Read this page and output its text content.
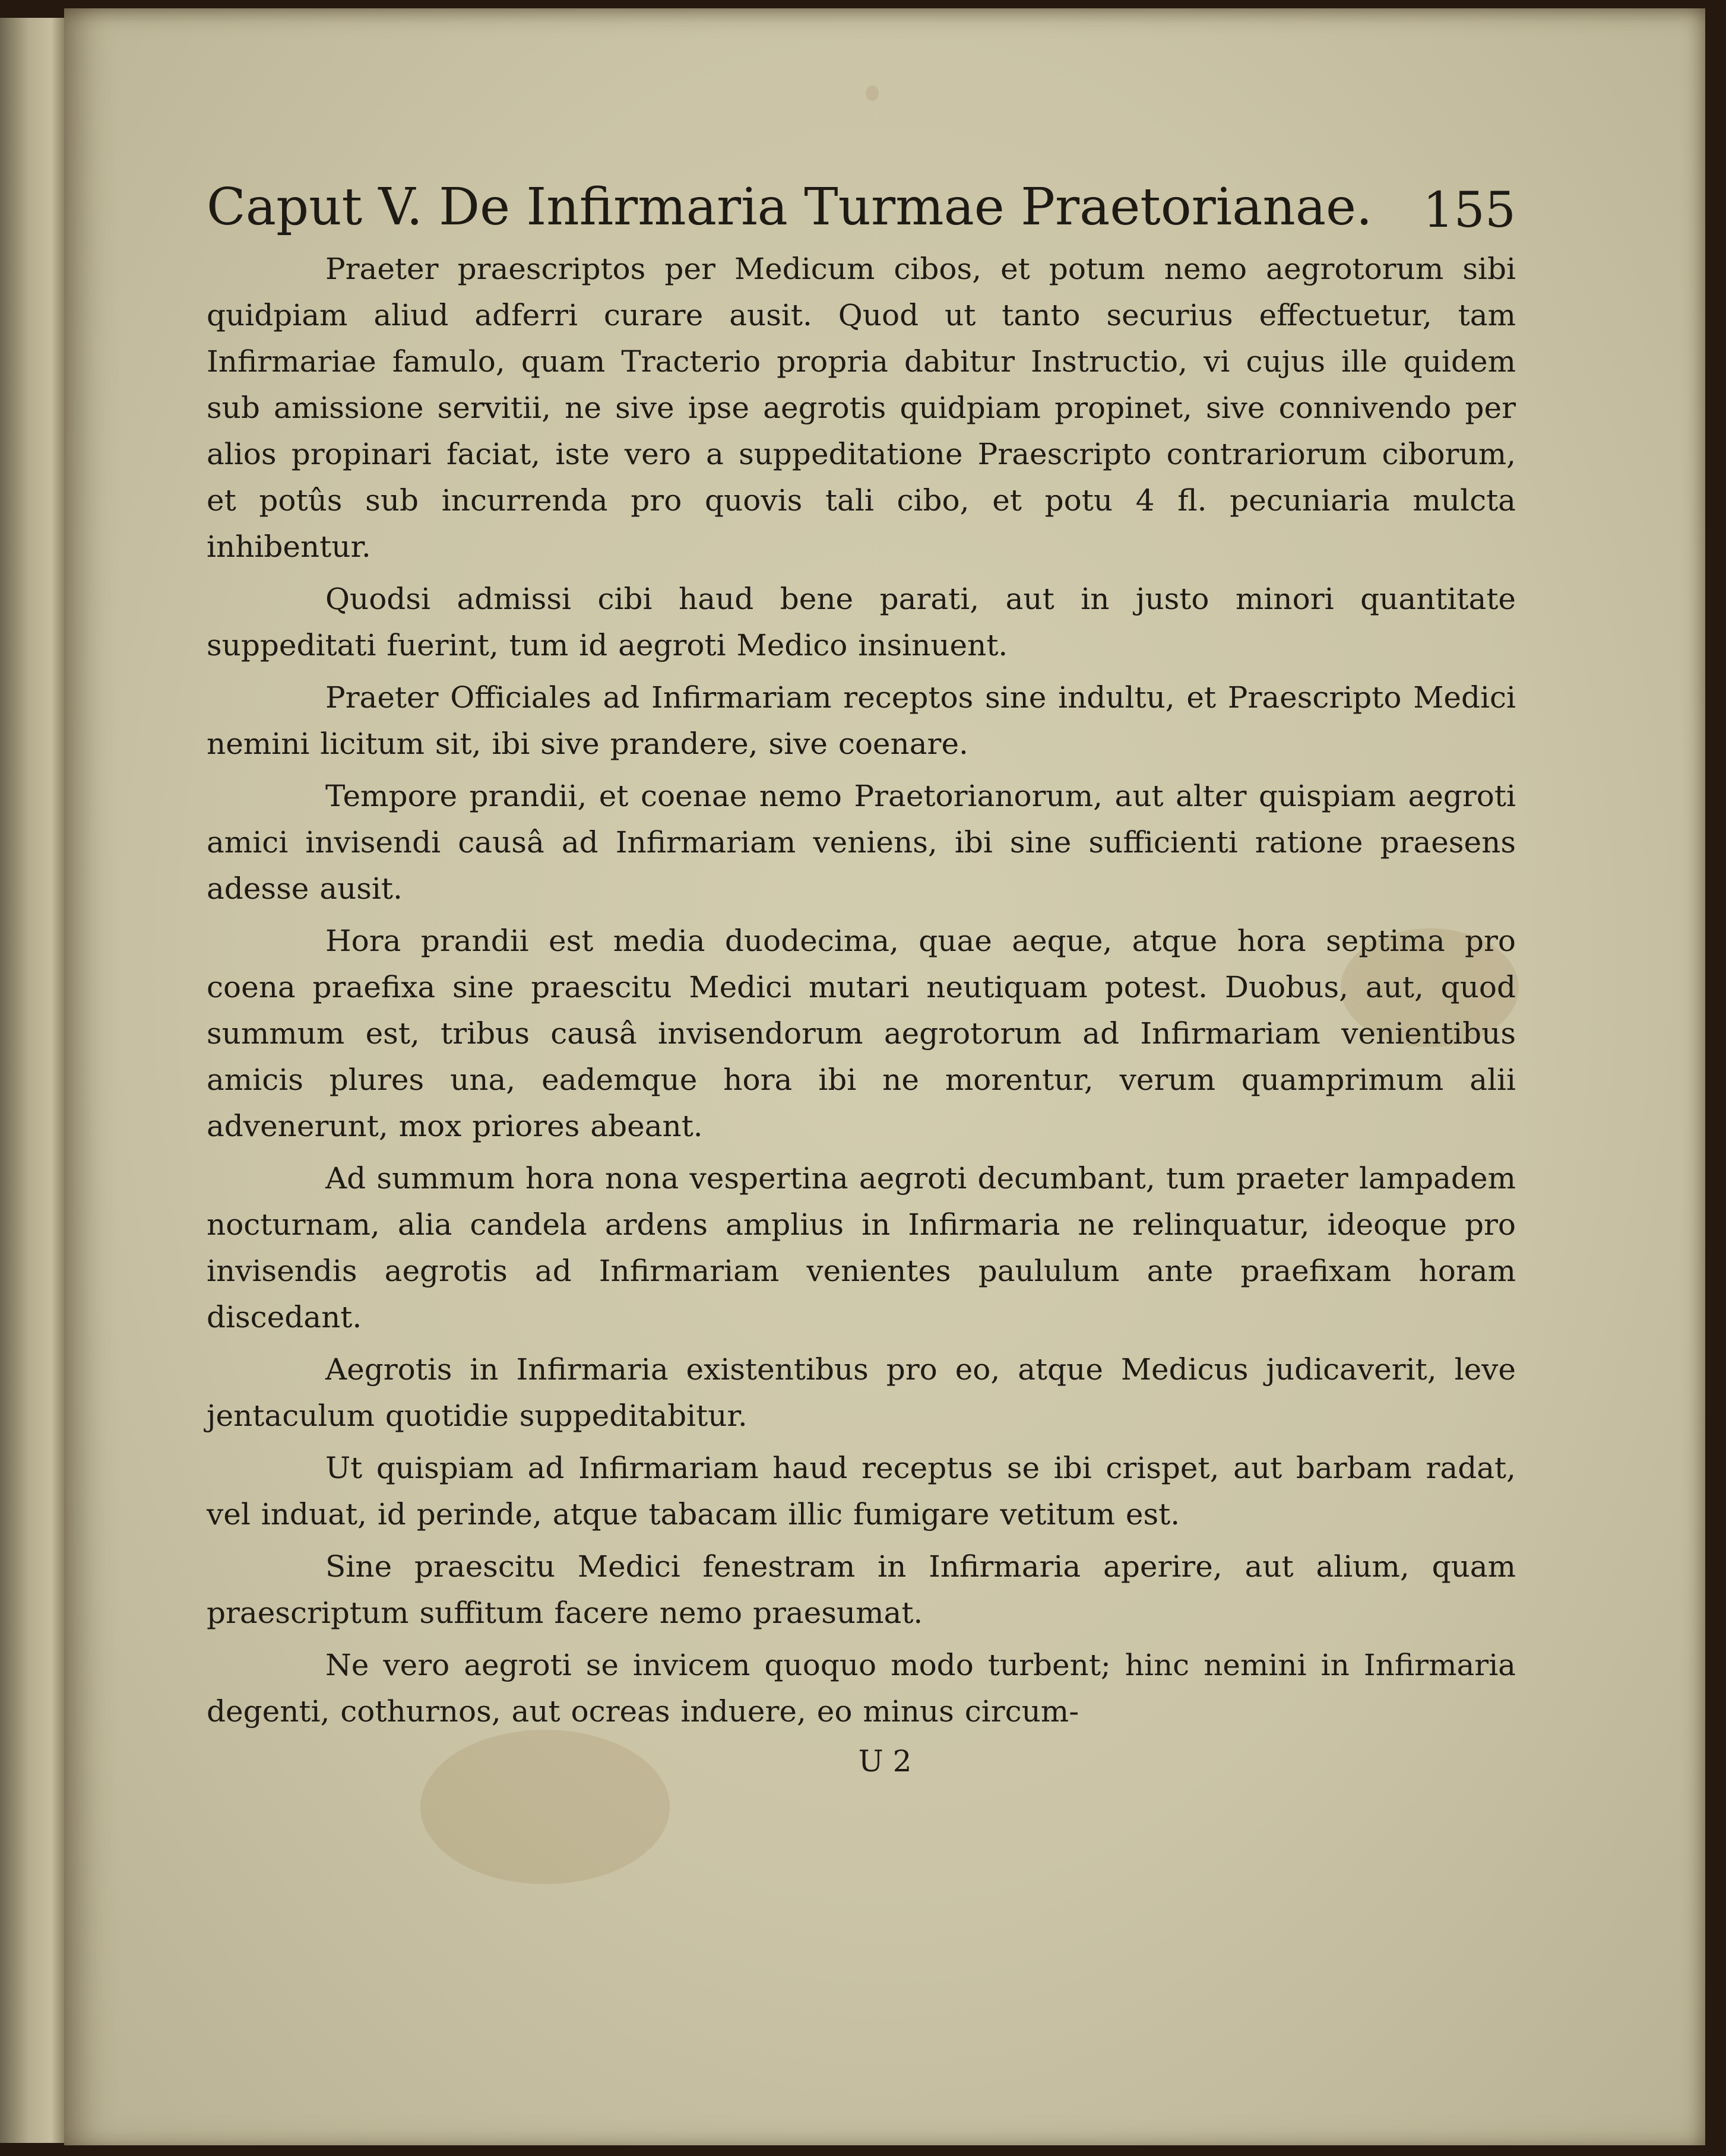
Caput V. De Infirmaria Turmae Praetorianae. 155

Praeter praescriptos per Medicum cibos, et potum nemo aegrotorum sibi quidpiam aliud adferri curare ausit. Quod ut tanto securius effectuetur, tam Infirmariae famulo, quam Tracterio propria dabitur Instructio, vi cujus ille quidem sub amissione servitii, ne sive ipse aegrotis quidpiam propinet, sive connivendo per alios propinari faciat, iste vero a suppeditatione Praescripto contrariorum ciborum, et potûs sub incurrenda pro quovis tali cibo, et potu 4 fl. pecuniaria mulcta inhibentur.

Quodsi admissi cibi haud bene parati, aut in justo minori quantitate suppeditati fuerint, tum id aegroti Medico insinuent.

Praeter Officiales ad Infirmariam receptos sine indultu, et Praescripto Medici nemini licitum sit, ibi sive prandere, sive coenare.

Tempore prandii, et coenae nemo Praetorianorum, aut alter quispiam aegroti amici invisendi causâ ad Infirmariam veniens, ibi sine sufficienti ratione praesens adesse ausit.

Hora prandii est media duodecima, quae aeque, atque hora septima pro coena praefixa sine praescitu Medici mutari neutiquam potest. Duobus, aut, quod summum est, tribus causâ invisendorum aegrotorum ad Infirmariam venientibus amicis plures una, eademque hora ibi ne morentur, verum quamprimum alii advenerunt, mox priores abeant.

Ad summum hora nona vespertina aegroti decumbant, tum praeter lampadem nocturnam, alia candela ardens amplius in Infirmaria ne relinquatur, ideoque pro invisendis aegrotis ad Infirmariam venientes paululum ante praefixam horam discedant.

Aegrotis in Infirmaria existentibus pro eo, atque Medicus judicaverit, leve jentaculum quotidie suppeditabitur.

Ut quispiam ad Infirmariam haud receptus se ibi crispet, aut barbam radat, vel induat, id perinde, atque tabacam illic fumigare vetitum est.

Sine praescitu Medici fenestram in Infirmaria aperire, aut alium, quam praescriptum suffitum facere nemo praesumat.

Ne vero aegroti se invicem quoquo modo turbent; hinc nemini in Infirmaria degenti, cothurnos, aut ocreas induere, eo minus circum-

U 2
